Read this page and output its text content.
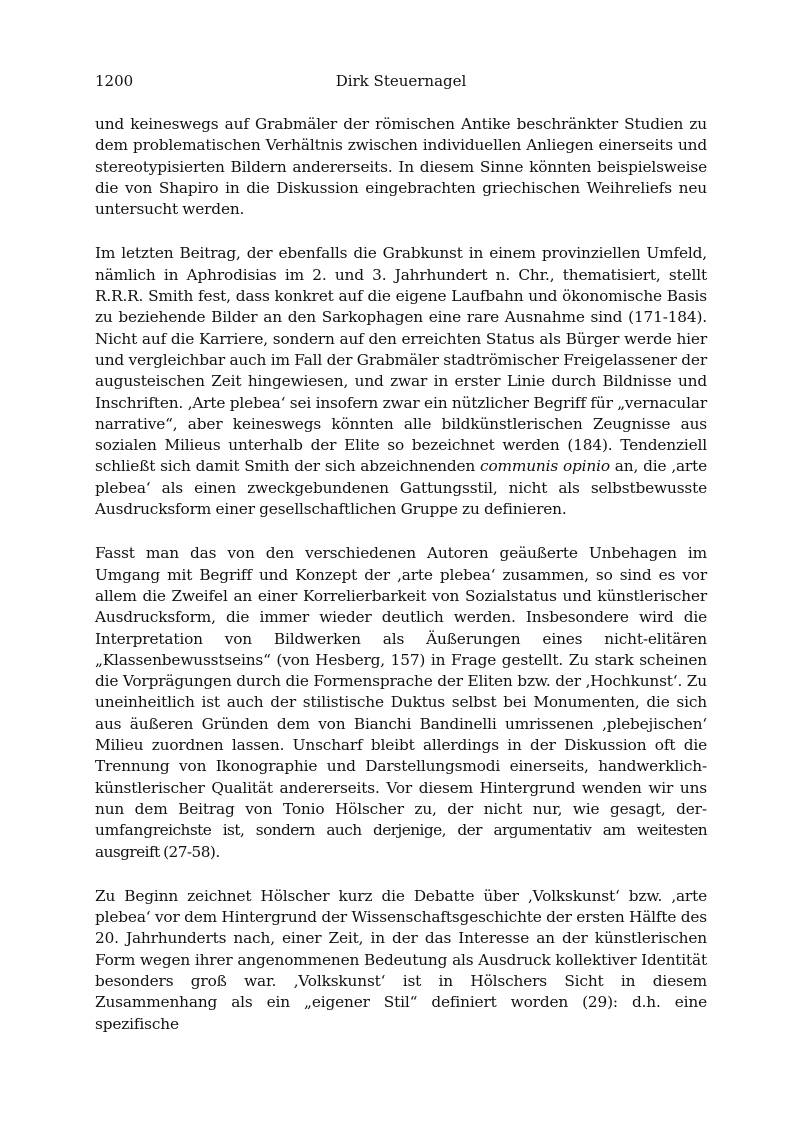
1200	Dirk Steuernagel

und keineswegs auf Grabmäler der römischen Antike beschränkter Studien zu dem problematischen Verhältnis zwischen individuellen Anliegen einerseits und stereotypisierten Bildern andererseits. In diesem Sinne könnten beispielsweise die von Shapiro in die Diskussion eingebrachten griechischen Weihreliefs neu untersucht werden.

Im letzten Beitrag, der ebenfalls die Grabkunst in einem provinziellen Umfeld, nämlich in Aphrodisias im 2. und 3. Jahrhundert n. Chr., thematisiert, stellt R.R.R. Smith fest, dass konkret auf die eigene Laufbahn und ökonomische Basis zu beziehende Bilder an den Sarkophagen eine rare Ausnahme sind (171-184). Nicht auf die Karriere, sondern auf den erreichten Status als Bürger werde hier und vergleichbar auch im Fall der Grabmäler stadtrömischer Freigelassener der augusteischen Zeit hingewiesen, und zwar in erster Linie durch Bildnisse und Inschriften. ‚Arte plebea‘ sei insofern zwar ein nützlicher Begriff für „vernacular narrative“, aber keineswegs könnten alle bildkünstlerischen Zeugnisse aus sozialen Milieus unterhalb der Elite so bezeichnet werden (184). Tendenziell schließt sich damit Smith der sich abzeichnenden communis opinio an, die ‚arte plebea‘ als einen zweckgebundenen Gattungsstil, nicht als selbstbewusste Ausdrucksform einer gesellschaftlichen Gruppe zu definieren.

Fasst man das von den verschiedenen Autoren geäußerte Unbehagen im Umgang mit Begriff und Konzept der ‚arte plebea‘ zusammen, so sind es vor allem die Zweifel an einer Korrelierbarkeit von Sozialstatus und künstlerischer Ausdrucksform, die immer wieder deutlich werden. Insbesondere wird die Interpretation von Bildwerken als Äußerungen eines nicht-elitären „Klassenbewusstseins“ (von Hesberg, 157) in Frage gestellt. Zu stark scheinen die Vorprägungen durch die Formensprache der Eliten bzw. der ‚Hochkunst‘. Zu uneinheitlich ist auch der stilistische Duktus selbst bei Monumenten, die sich aus äußeren Gründen dem von Bianchi Bandinelli umrissenen ‚plebejischen‘ Milieu zuordnen lassen. Unscharf bleibt allerdings in der Diskussion oft die Trennung von Ikonographie und Darstellungsmodi einerseits, handwerklich-künstlerischer Qualität andererseits. Vor diesem Hintergrund wenden wir uns nun dem Beitrag von Tonio Hölscher zu, der nicht nur, wie gesagt, der umfangreichste ist, sondern auch derjenige, der argumentativ am weitesten ausgreift (27-58).

Zu Beginn zeichnet Hölscher kurz die Debatte über ‚Volkskunst‘ bzw. ‚arte plebea‘ vor dem Hintergrund der Wissenschaftsgeschichte der ersten Hälfte des 20. Jahrhunderts nach, einer Zeit, in der das Interesse an der künstlerischen Form wegen ihrer angenommenen Bedeutung als Ausdruck kollektiver Identität besonders groß war. ‚Volkskunst‘ ist in Hölschers Sicht in diesem Zusammenhang als ein „eigener Stil“ definiert worden (29): d.h. eine spezifische
